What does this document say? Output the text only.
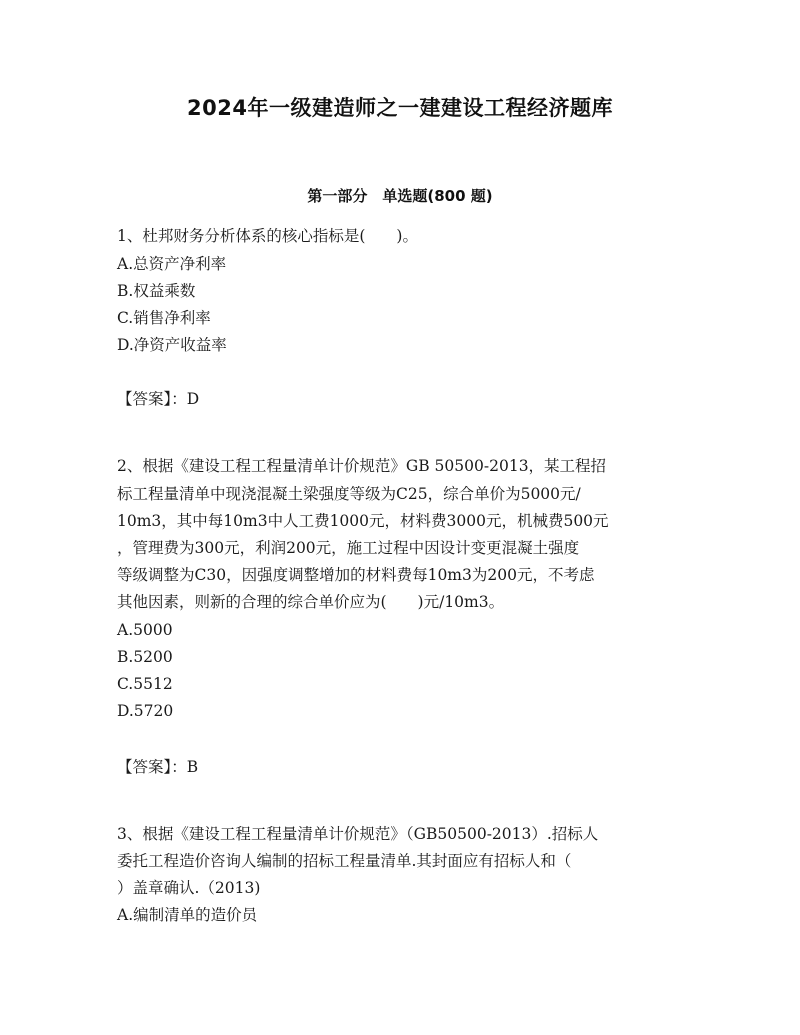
2024年一级建造师之一建建设工程经济题库
第一部分　单选题(800 题)
1、杜邦财务分析体系的核心指标是(　　)。
A.总资产净利率
B.权益乘数
C.销售净利率
D.净资产收益率
【答案】：D
2、根据《建设工程工程量清单计价规范》GB 50500-2013，某工程招
标工程量清单中现浇混凝土梁强度等级为C25，综合单价为5000元/
10m3，其中每10m3中人工费1000元，材料费3000元，机械费500元
，管理费为300元，利润200元，施工过程中因设计变更混凝土强度
等级调整为C30，因强度调整增加的材料费每10m3为200元，不考虑
其他因素，则新的合理的综合单价应为(　　)元/10m3。
A.5000
B.5200
C.5512
D.5720
【答案】：B
3、根据《建设工程工程量清单计价规范》（GB50500-2013）.招标人
委托工程造价咨询人编制的招标工程量清单.其封面应有招标人和（
）盖章确认.（2013)
A.编制清单的造价员
